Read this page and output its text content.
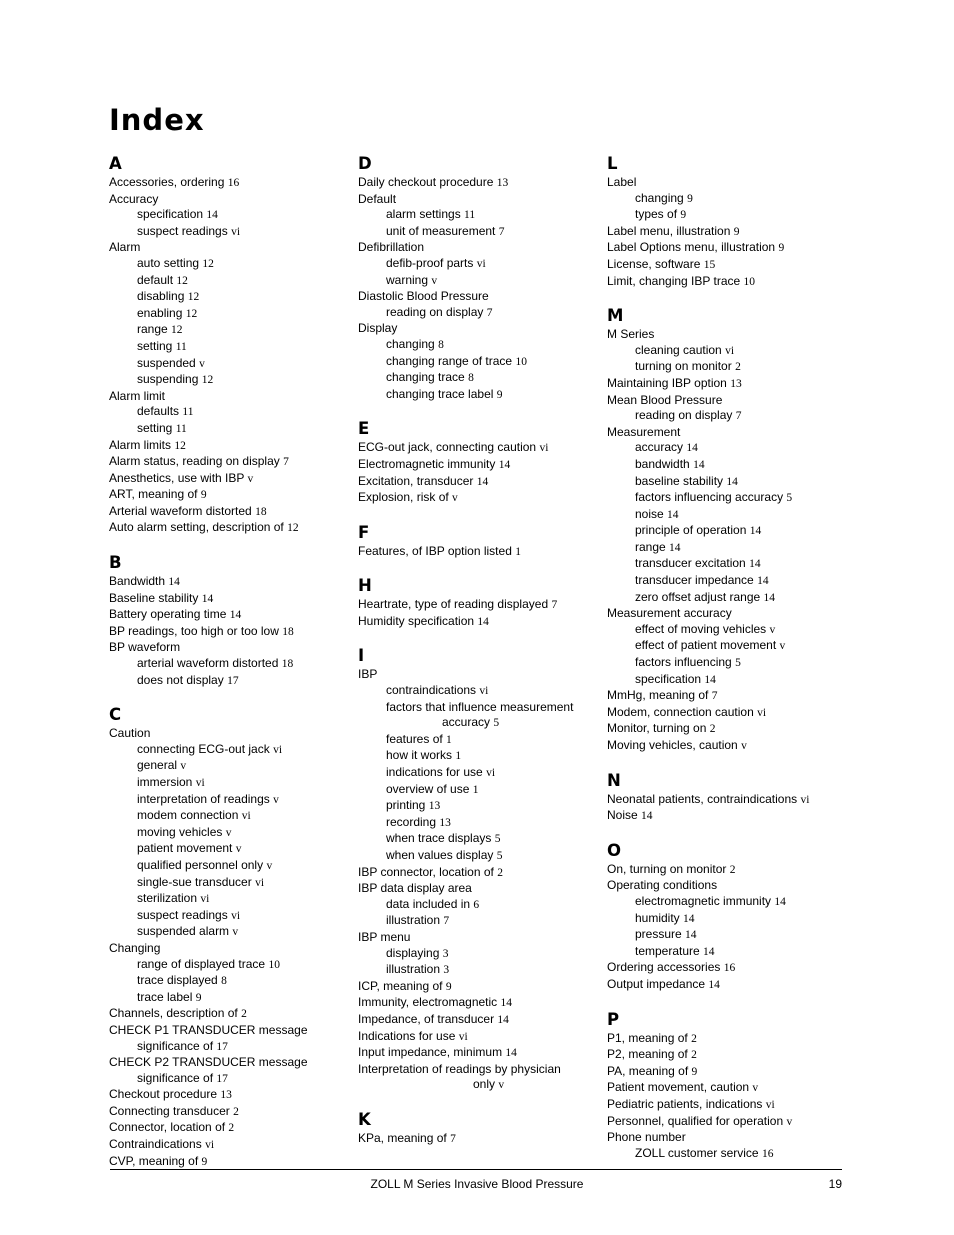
Index
A
Accessories, ordering 16
Accuracy
specification 14
suspect readings vi
Alarm
auto setting 12
default 12
disabling 12
enabling 12
range 12
setting 11
suspended v
suspending 12
Alarm limit
defaults 11
setting 11
Alarm limits 12
Alarm status, reading on display 7
Anesthetics, use with IBP v
ART, meaning of 9
Arterial waveform distorted 18
Auto alarm setting, description of 12
B
Bandwidth 14
Baseline stability 14
Battery operating time 14
BP readings, too high or too low 18
BP waveform
arterial waveform distorted 18
does not display 17
C
Caution
connecting ECG-out jack vi
general v
immersion vi
interpretation of readings v
modem connection vi
moving vehicles v
patient movement v
qualified personnel only v
single-sue transducer vi
sterilization vi
suspect readings vi
suspended alarm v
Changing
range of displayed trace 10
trace displayed 8
trace label 9
Channels, description of 2
CHECK P1 TRANSDUCER message
significance of 17
CHECK P2 TRANSDUCER message
significance of 17
Checkout procedure 13
Connecting transducer 2
Connector, location of 2
Contraindications vi
CVP, meaning of 9
D
Daily checkout procedure 13
Default
alarm settings 11
unit of measurement 7
Defibrillation
defib-proof parts vi
warning v
Diastolic Blood Pressure
reading on display 7
Display
changing 8
changing range of trace 10
changing trace 8
changing trace label 9
E
ECG-out jack, connecting caution vi
Electromagnetic immunity 14
Excitation, transducer 14
Explosion, risk of v
F
Features, of IBP option listed 1
H
Heartrate, type of reading displayed 7
Humidity specification 14
I
IBP
contraindications vi
factors that influence measurement
accuracy 5
features of 1
how it works 1
indications for use vi
overview of use 1
printing 13
recording 13
when trace displays 5
when values display 5
IBP connector, location of 2
IBP data display area
data included in 6
illustration 7
IBP menu
displaying 3
illustration 3
ICP, meaning of 9
Immunity, electromagnetic 14
Impedance, of transducer 14
Indications for use vi
Input impedance, minimum 14
Interpretation of readings by physician
only v
K
KPa, meaning of 7
L
Label
changing 9
types of 9
Label menu, illustration 9
Label Options menu, illustration 9
License, software 15
Limit, changing IBP trace 10
M
M Series
cleaning caution vi
turning on monitor 2
Maintaining IBP option 13
Mean Blood Pressure
reading on display 7
Measurement
accuracy 14
bandwidth 14
baseline stability 14
factors influencing accuracy 5
noise 14
principle of operation 14
range 14
transducer excitation 14
transducer impedance 14
zero offset adjust range 14
Measurement accuracy
effect of moving vehicles v
effect of patient movement v
factors influencing 5
specification 14
MmHg, meaning of 7
Modem, connection caution vi
Monitor, turning on 2
Moving vehicles, caution v
N
Neonatal patients, contraindications vi
Noise 14
O
On, turning on monitor 2
Operating conditions
electromagnetic immunity 14
humidity 14
pressure 14
temperature 14
Ordering accessories 16
Output impedance 14
P
P1, meaning of 2
P2, meaning of 2
PA, meaning of 9
Patient movement, caution v
Pediatric patients, indications vi
Personnel, qualified for operation v
Phone number
ZOLL customer service 16
ZOLL M Series Invasive Blood Pressure	19
